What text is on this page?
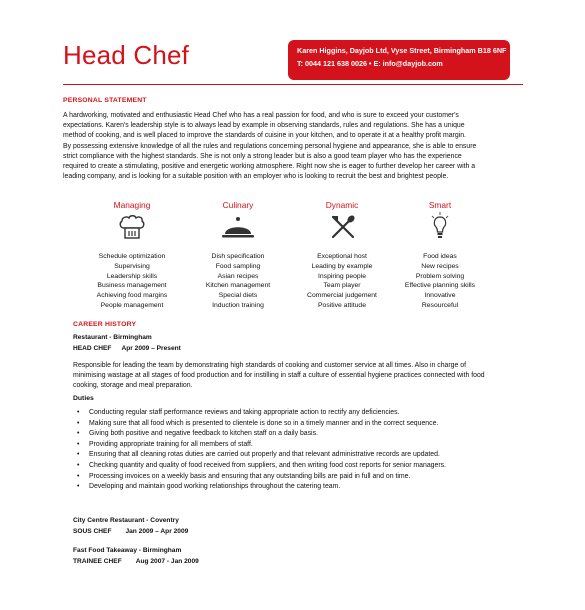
Head Chef	Karen Higgins, Dayjob Ltd, Vyse Street, Birmingham B18 6NF
T: 0044 121 638 0026 • E: info@dayjob.com
PERSONAL STATEMENT
A hardworking, motivated and enthusiastic Head Chef who has a real passion for food, and who is sure to exceed your customer's
expectations. Karen's leadership style is to always lead by example in observing standards, rules and regulations. She has a unique
method of cooking, and is well placed to improve the standards of cuisine in your kitchen, and to operate it at a healthy profit margin.
By possessing extensive knowledge of all the rules and regulations concerning personal hygiene and appearance, she is able to ensure
strict compliance with the highest standards. She is not only a strong leader but is also a good team player who has the experience
required to create a stimulating, positive and energetic working atmosphere. Right now she is eager to further develop her career with a
leading company, and is looking for a suitable position with an employer who is looking to recruit the best and brightest people.
Managing
Schedule optimization
Supervising
Leadership skills
Business management
Achieving food margins
People management
Culinary
Dish specification
Food sampling
Asian recipes
Kitchen management
Special diets
Induction training
Dynamic
Exceptional host
Leading by example
Inspiring people
Team player
Commercial judgement
Positive attitude
Smart
Food ideas
New recipes
Problem solving
Effective planning skills
Innovative
Resourceful
CAREER HISTORY
Restaurant - Birmingham
HEAD CHEF Apr 2009 – Present
Responsible for leading the team by demonstrating high standards of cooking and customer service at all times. Also in charge of
minimising wastage at all stages of food production and for instilling in staff a culture of essential hygiene practices connected with food
cooking, storage and meal preparation.
Duties
• Conducting regular staff performance reviews and taking appropriate action to rectify any deficiencies.
• Making sure that all food which is presented to clientele is done so in a timely manner and in the correct sequence.
• Giving both positive and negative feedback to kitchen staff on a daily basis.
• Providing appropriate training for all members of staff.
• Ensuring that all cleaning rotas duties are carried out properly and that relevant administrative records are updated.
• Checking quantity and quality of food received from suppliers, and then writing food cost reports for senior managers.
• Processing invoices on a weekly basis and ensuring that any outstanding bills are paid in full and on time.
• Developing and maintain good working relationships throughout the catering team.
City Centre Restaurant - Coventry
SOUS CHEF Jan 2009 – Apr 2009
Fast Food Takeaway - Birmingham
TRAINEE CHEF Aug 2007 - Jan 2009
